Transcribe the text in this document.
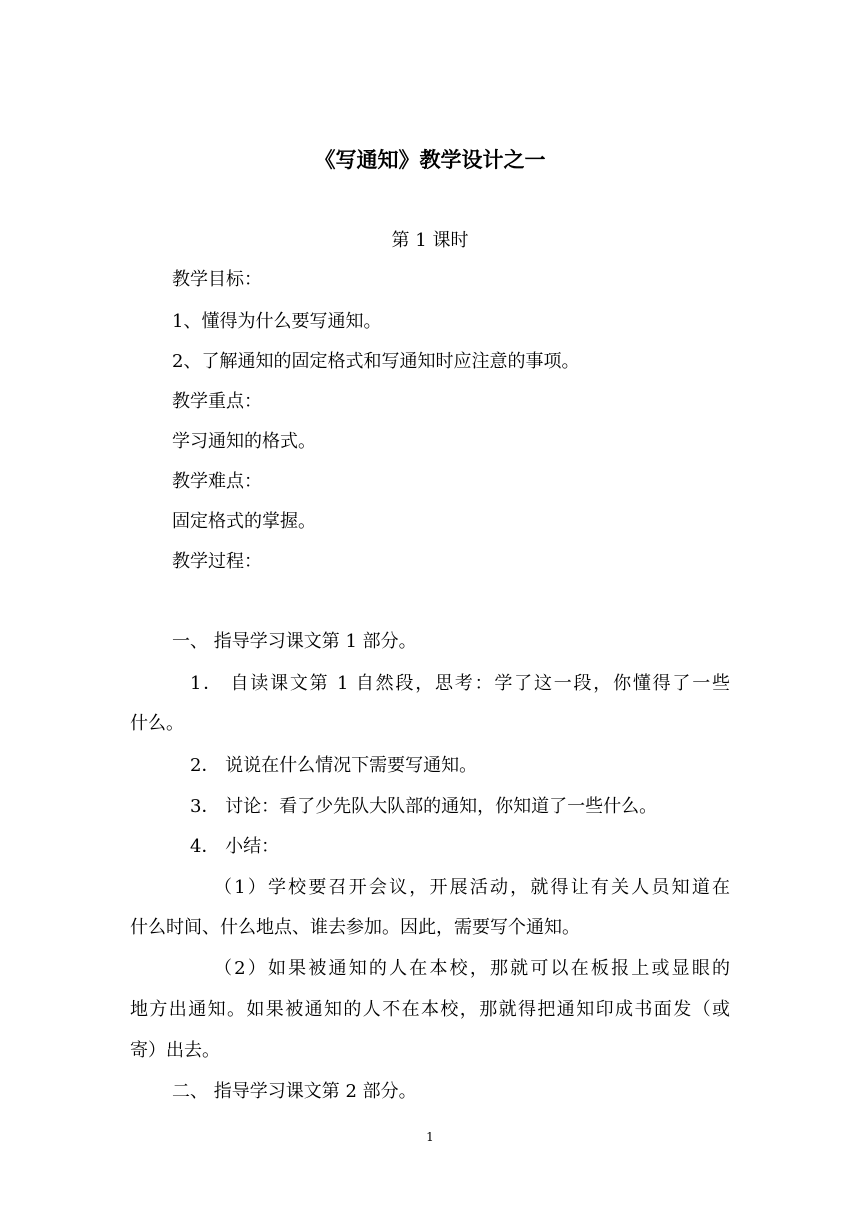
《写通知》教学设计之一
第 1 课时
教学目标：
1、懂得为什么要写通知。
2、了解通知的固定格式和写通知时应注意的事项。
教学重点：
学习通知的格式。
教学难点：
固定格式的掌握。
教学过程：
一、 指导学习课文第 1 部分。
1． 自读课文第 1 自然段，思考：学了这一段，你懂得了一些
什么。
2． 说说在什么情况下需要写通知。
3． 讨论：看了少先队大队部的通知，你知道了一些什么。
4． 小结：
（1）学校要召开会议，开展活动，就得让有关人员知道在
什么时间、什么地点、谁去参加。因此，需要写个通知。
（2）如果被通知的人在本校，那就可以在板报上或显眼的
地方出通知。如果被通知的人不在本校，那就得把通知印成书面发（或
寄）出去。
二、 指导学习课文第 2 部分。
1
